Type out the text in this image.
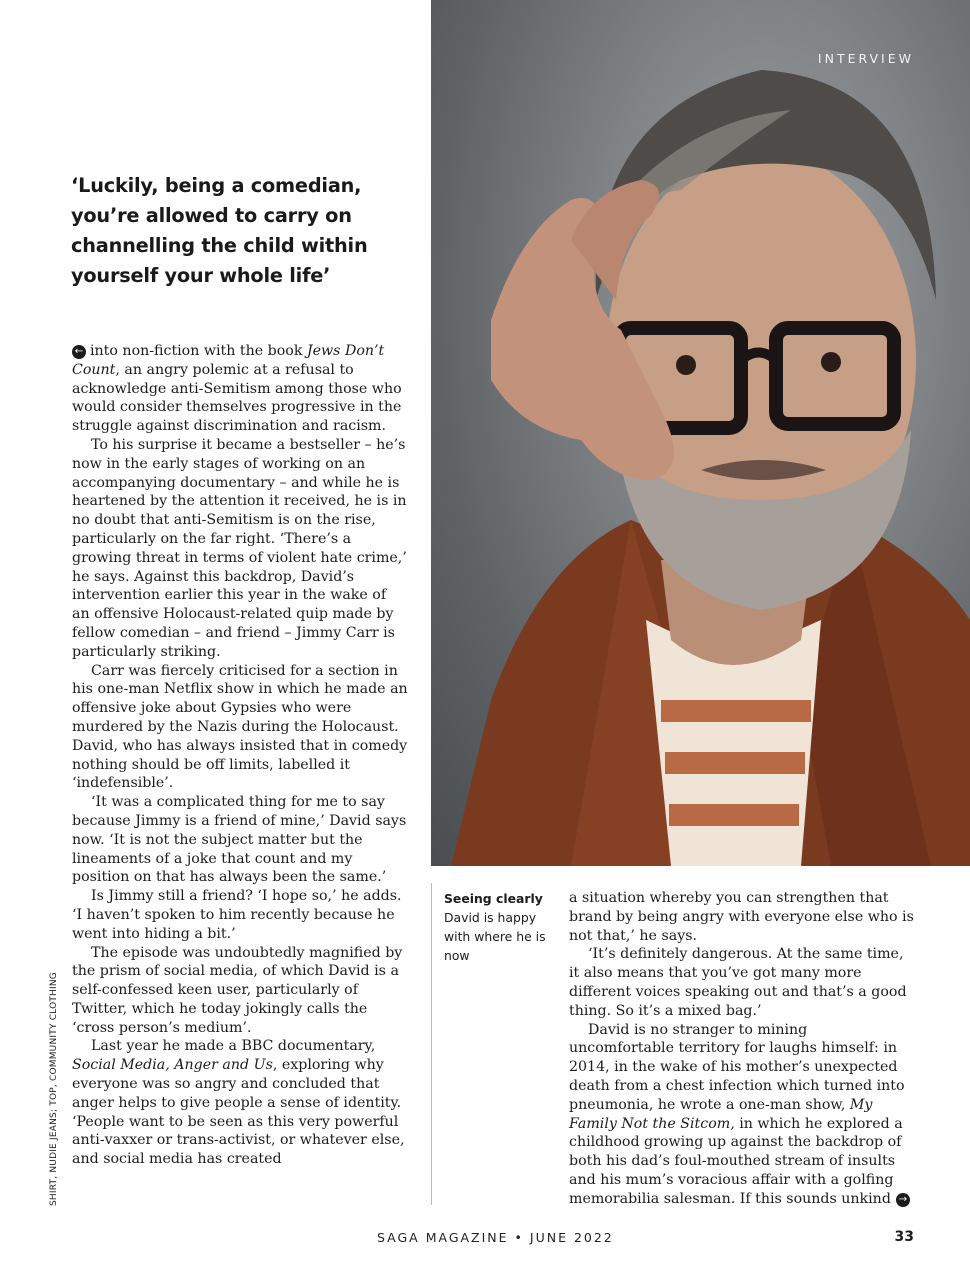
INTERVIEW

‘Luckily, being a comedian, you’re allowed to carry on channelling the child within yourself your whole life’

← into non-fiction with the book Jews Don’t Count, an angry polemic at a refusal to acknowledge anti-Semitism among those who would consider themselves progressive in the struggle against discrimination and racism.

To his surprise it became a bestseller – he’s now in the early stages of working on an accompanying documentary – and while he is heartened by the attention it received, he is in no doubt that anti-Semitism is on the rise, particularly on the far right. ‘There’s a growing threat in terms of violent hate crime,’ he says. Against this backdrop, David’s intervention earlier this year in the wake of an offensive Holocaust-related quip made by fellow comedian – and friend – Jimmy Carr is particularly striking.

Carr was fiercely criticised for a section in his one-man Netflix show in which he made an offensive joke about Gypsies who were murdered by the Nazis during the Holocaust. David, who has always insisted that in comedy nothing should be off limits, labelled it ‘indefensible’.

‘It was a complicated thing for me to say because Jimmy is a friend of mine,’ David says now. ‘It is not the subject matter but the lineaments of a joke that count and my position on that has always been the same.’

Is Jimmy still a friend? ‘I hope so,’ he adds. ‘I haven’t spoken to him recently because he went into hiding a bit.’

The episode was undoubtedly magnified by the prism of social media, of which David is a self-confessed keen user, particularly of Twitter, which he today jokingly calls the ‘cross person’s medium’.

Last year he made a BBC documentary, Social Media, Anger and Us, exploring why everyone was so angry and concluded that anger helps to give people a sense of identity. ‘People want to be seen as this very powerful anti-vaxxer or trans-activist, or whatever else, and social media has created

SHIRT, NUDIE JEANS; TOP, COMMUNITY CLOTHING
Seeing clearly
David is happy with where he is now

a situation whereby you can strengthen that brand by being angry with everyone else who is not that,’ he says.

‘It’s definitely dangerous. At the same time, it also means that you’ve got many more different voices speaking out and that’s a good thing. So it’s a mixed bag.’

David is no stranger to mining uncomfortable territory for laughs himself: in 2014, in the wake of his mother’s unexpected death from a chest infection which turned into pneumonia, he wrote a one-man show, My Family Not the Sitcom, in which he explored a childhood growing up against the backdrop of both his dad’s foul-mouthed stream of insults and his mum’s voracious affair with a golfing memorabilia salesman. If this sounds unkind →

SAGA MAGAZINE • JUNE 2022	33
